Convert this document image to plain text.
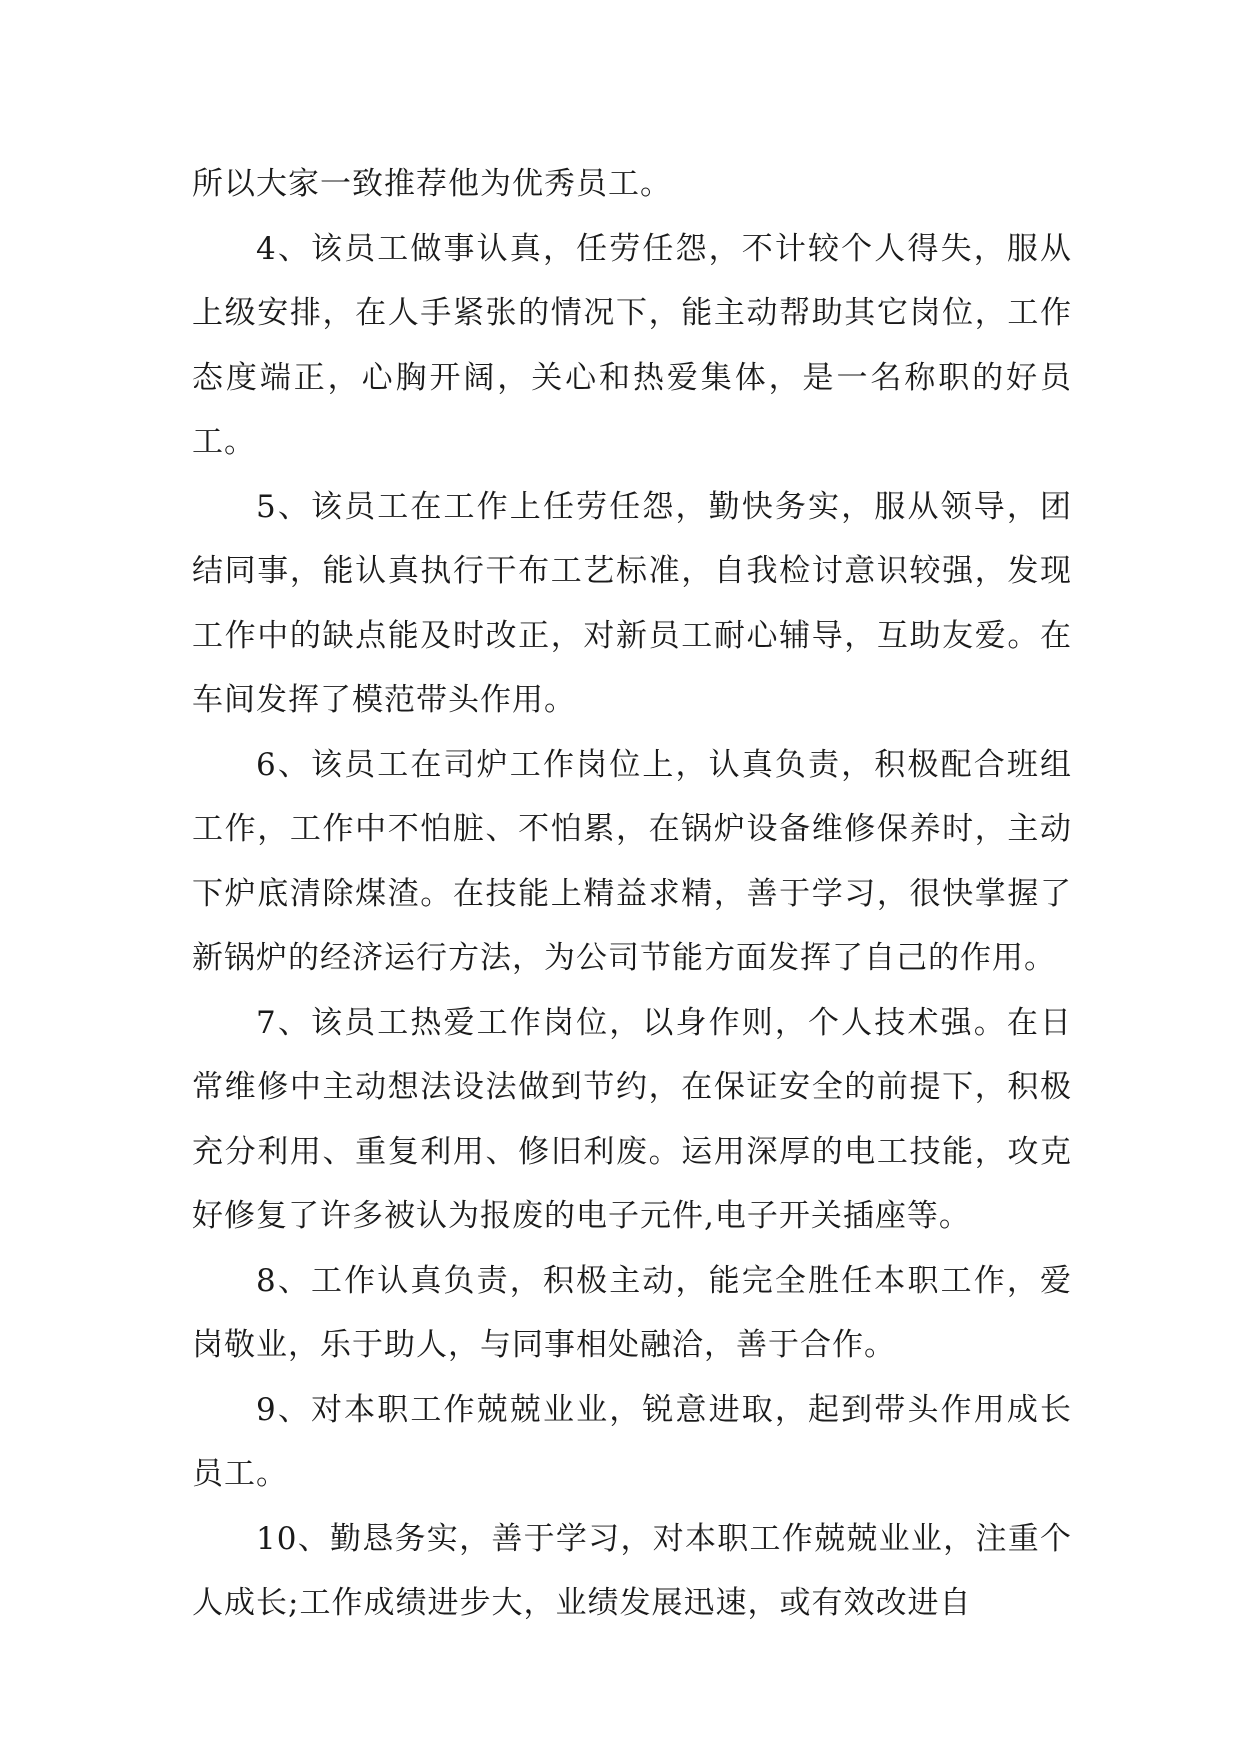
所以大家一致推荐他为优秀员工。

4、该员工做事认真，任劳任怨，不计较个人得失，服从上级安排，在人手紧张的情况下，能主动帮助其它岗位，工作态度端正，心胸开阔，关心和热爱集体，是一名称职的好员工。

5、该员工在工作上任劳任怨，勤快务实，服从领导，团结同事，能认真执行干布工艺标准，自我检讨意识较强，发现工作中的缺点能及时改正，对新员工耐心辅导，互助友爱。在车间发挥了模范带头作用。

6、该员工在司炉工作岗位上，认真负责，积极配合班组工作，工作中不怕脏、不怕累，在锅炉设备维修保养时，主动下炉底清除煤渣。在技能上精益求精，善于学习，很快掌握了新锅炉的经济运行方法，为公司节能方面发挥了自己的作用。

7、该员工热爱工作岗位，以身作则，个人技术强。在日常维修中主动想法设法做到节约，在保证安全的前提下，积极充分利用、重复利用、修旧利废。运用深厚的电工技能，攻克好修复了许多被认为报废的电子元件,电子开关插座等。

8、工作认真负责，积极主动，能完全胜任本职工作，爱岗敬业，乐于助人，与同事相处融洽，善于合作。

9、对本职工作兢兢业业，锐意进取，起到带头作用成长员工。

10、勤恳务实，善于学习，对本职工作兢兢业业，注重个人成长;工作成绩进步大，业绩发展迅速，或有效改进自
